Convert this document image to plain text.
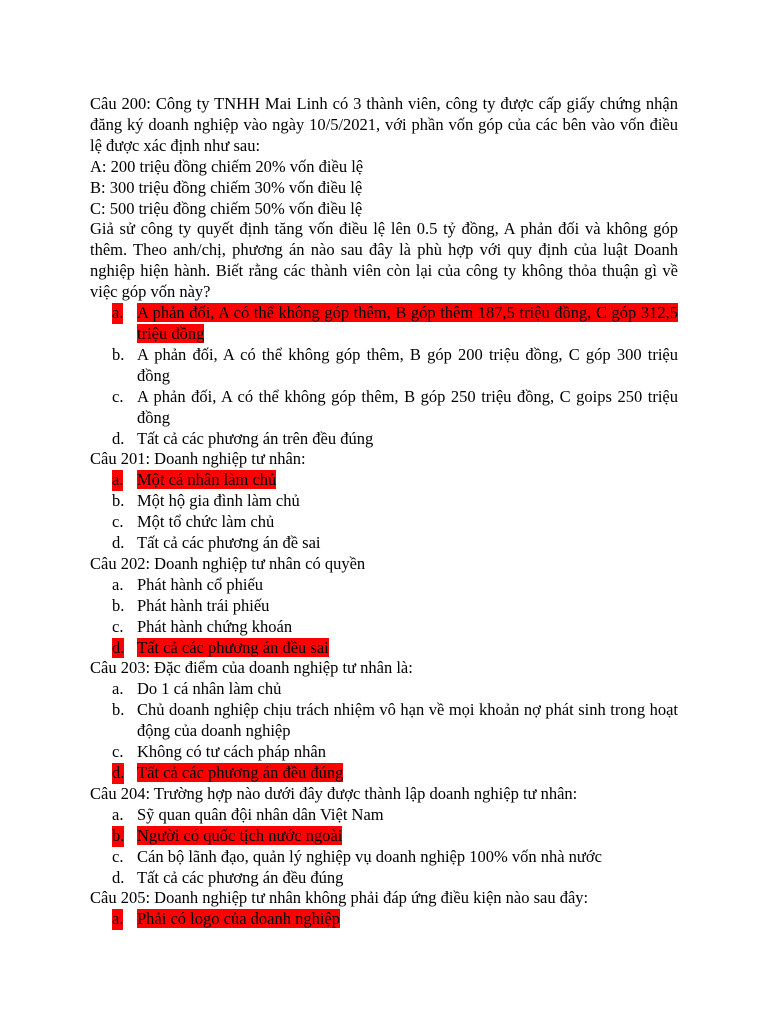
Câu 200: Công ty TNHH Mai Linh có 3 thành viên, công ty được cấp giấy chứng nhận đăng ký doanh nghiệp vào ngày 10/5/2021, với phần vốn góp của các bên vào vốn điều lệ được xác định như sau:
A: 200 triệu đồng chiếm 20% vốn điều lệ
B: 300 triệu đồng chiếm 30% vốn điều lệ
C: 500 triệu đồng chiếm 50% vốn điều lệ
Giả sử công ty quyết định tăng vốn điều lệ lên 0.5 tỷ đồng, A phản đối và không góp thêm. Theo anh/chị, phương án nào sau đây là phù hợp với quy định của luật Doanh nghiệp hiện hành. Biết rằng các thành viên còn lại của công ty không thỏa thuận gì về việc góp vốn này?
a. A phản đối, A có thể không góp thêm, B góp thêm 187,5 triệu đồng, C góp 312,5 triệu đồng
b. A phản đối, A có thể không góp thêm, B góp 200 triệu đồng, C góp 300 triệu đồng
c. A phản đối, A có thể không góp thêm, B góp 250 triệu đồng, C goips 250 triệu đồng
d. Tất cả các phương án trên đều đúng
Câu 201: Doanh nghiệp tư nhân:
a. Một cá nhân làm chủ
b. Một hộ gia đình làm chủ
c. Một tổ chức làm chủ
d. Tất cả các phương án đề sai
Câu 202: Doanh nghiệp tư nhân có quyền
a. Phát hành cổ phiếu
b. Phát hành trái phiếu
c. Phát hành chứng khoán
d. Tất cả các phương án đều sai
Câu 203: Đặc điểm của doanh nghiệp tư nhân là:
a. Do 1 cá nhân làm chủ
b. Chủ doanh nghiệp chịu trách nhiệm vô hạn về mọi khoản nợ phát sinh trong hoạt động của doanh nghiệp
c. Không có tư cách pháp nhân
d. Tất cả các phương án đều đúng
Câu 204: Trường hợp nào dưới đây được thành lập doanh nghiệp tư nhân:
a. Sỹ quan quân đội nhân dân Việt Nam
b. Người có quốc tịch nước ngoài
c. Cán bộ lãnh đạo, quản lý nghiệp vụ doanh nghiệp 100% vốn nhà nước
d. Tất cả các phương án đều đúng
Câu 205: Doanh nghiệp tư nhân không phải đáp ứng điều kiện nào sau đây:
a. Phải có logo của doanh nghiệp
